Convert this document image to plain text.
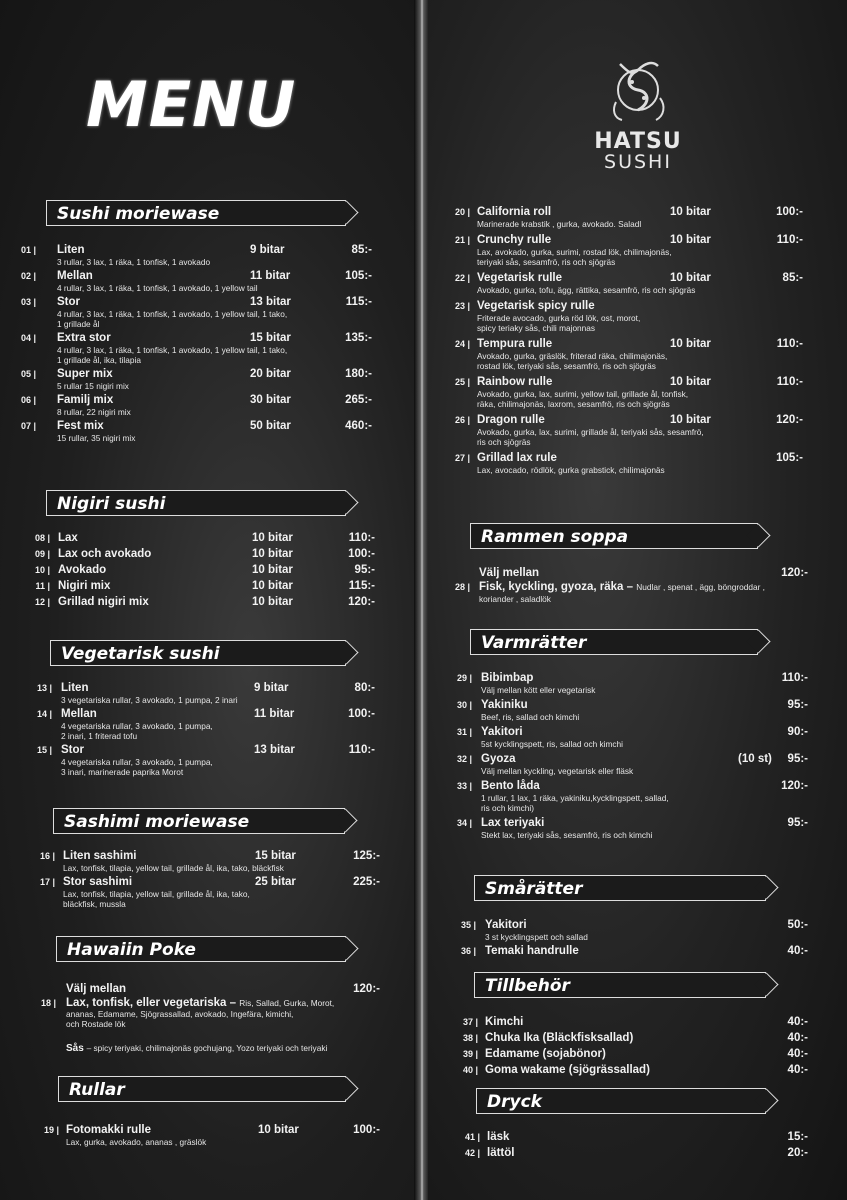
MENU
HATSU
SUSHI
Sushi moriewase
01 | Liten	9 bitar	85:-
3 rullar, 3 lax, 1 räka, 1 tonfisk, 1 avokado
02 | Mellan	11 bitar	105:-
4 rullar, 3 lax, 1 räka, 1 tonfisk, 1 avokado, 1 yellow tail
03 | Stor	13 bitar	115:-
4 rullar, 3 lax, 1 räka, 1 tonfisk, 1 avokado, 1 yellow tail, 1 tako,
1 grillade ål
04 | Extra stor	15 bitar	135:-
4 rullar, 3 lax, 1 räka, 1 tonfisk, 1 avokado, 1 yellow tail, 1 tako,
1 grillade ål, ika, tilapia
05 | Super mix	20 bitar	180:-
5 rullar 15 nigiri mix
06 | Familj mix	30 bitar	265:-
8 rullar, 22 nigiri mix
07 | Fest mix	50 bitar	460:-
15 rullar, 35 nigiri mix
Nigiri sushi
08 | Lax	10 bitar	110:-
09 | Lax och avokado	10 bitar	100:-
10 | Avokado	10 bitar	95:-
11 | Nigiri mix	10 bitar	115:-
12 | Grillad nigiri mix	10 bitar	120:-
Vegetarisk sushi
13 | Liten	9 bitar	80:-
3 vegetariska rullar, 3 avokado, 1 pumpa, 2 inari
14 | Mellan	11 bitar	100:-
4 vegetariska rullar, 3 avokado, 1 pumpa,
2 inari, 1 friterad tofu
15 | Stor	13 bitar	110:-
4 vegetariska rullar, 3 avokado, 1 pumpa,
3 inari, marinerade paprika Morot
Sashimi moriewase
16 | Liten sashimi	15 bitar	125:-
Lax, tonfisk, tilapia, yellow tail, grillade ål, ika, tako, bläckfisk
17 | Stor sashimi	25 bitar	225:-
Lax, tonfisk, tilapia, yellow tail, grillade ål, ika, tako,
bläckfisk, mussla
Hawaiin Poke
Välj mellan	120:-
18 | Lax, tonfisk, eller vegetariska – Ris, Sallad, Gurka, Morot,
ananas, Edamame, Sjögrassallad, avokado, Ingefära, kimichi,
och Rostade lök
Sås – spicy teriyaki, chilimajonäs gochujang, Yozo teriyaki och teriyaki
Rullar
19 | Fotomakki rulle	10 bitar	100:-
Lax, gurka, avokado, ananas , gräslök
20 | California roll	10 bitar	100:-
Marinerade krabstik , gurka, avokado. Saladl
21 | Crunchy rulle	10 bitar	110:-
Lax, avokado, gurka, surimi, rostad lök, chilimajonäs,
teriyaki sås, sesamfrö, ris och sjögräs
22 | Vegetarisk rulle	10 bitar	85:-
Avokado, gurka, tofu, ägg, rättika, sesamfrö, ris och sjögräs
23 | Vegetarisk spicy rulle
Friterade avocado, gurka röd lök, ost, morot,
spicy teriaky sås, chili majonnas
24 | Tempura rulle	10 bitar	110:-
Avokado, gurka, gräslök, friterad räka, chilimajonäs,
rostad lök, teriyaki sås, sesamfrö, ris och sjögräs
25 | Rainbow rulle	10 bitar	110:-
Avokado, gurka, lax, surimi, yellow tail, grillade ål, tonfisk,
räka, chilimajonäs, laxrom, sesamfrö, ris och sjögräs
26 | Dragon rulle	10 bitar	120:-
Avokado, gurka, lax, surimi, grillade ål, teriyaki sås, sesamfrö,
ris och sjögräs
27 | Grillad lax rule	105:-
Lax, avocado, rödlök, gurka grabstick, chilimajonäs
Rammen soppa
Välj mellan	120:-
28 | Fisk, kyckling, gyoza, räka – Nudlar , spenat , ägg, böngroddar ,
koriander , saladlök
Varmrätter
29 | Bibimbap	110:-
Välj mellan kött eller vegetarisk
30 | Yakiniku	95:-
Beef, ris, sallad och kimchi
31 | Yakitori	90:-
5st kycklingspett, ris, sallad och kimchi
32 | Gyoza	(10 st)	95:-
Välj mellan kyckling, vegetarisk eller fläsk
33 | Bento låda	120:-
1 rullar, 1 lax, 1 räka, yakiniku,kycklingspett, sallad,
ris och kimchi)
34 | Lax teriyaki	95:-
Stekt lax, teriyaki sås, sesamfrö, ris och kimchi
Smårätter
35 | Yakitori	50:-
3 st kycklingspett och sallad
36 | Temaki handrulle	40:-
Tillbehör
37 | Kimchi	40:-
38 | Chuka Ika (Bläckfisksallad)	40:-
39 | Edamame (sojabönor)	40:-
40 | Goma wakame (sjögrässallad)	40:-
Dryck
41 | läsk	15:-
42 | lättöl	20:-
